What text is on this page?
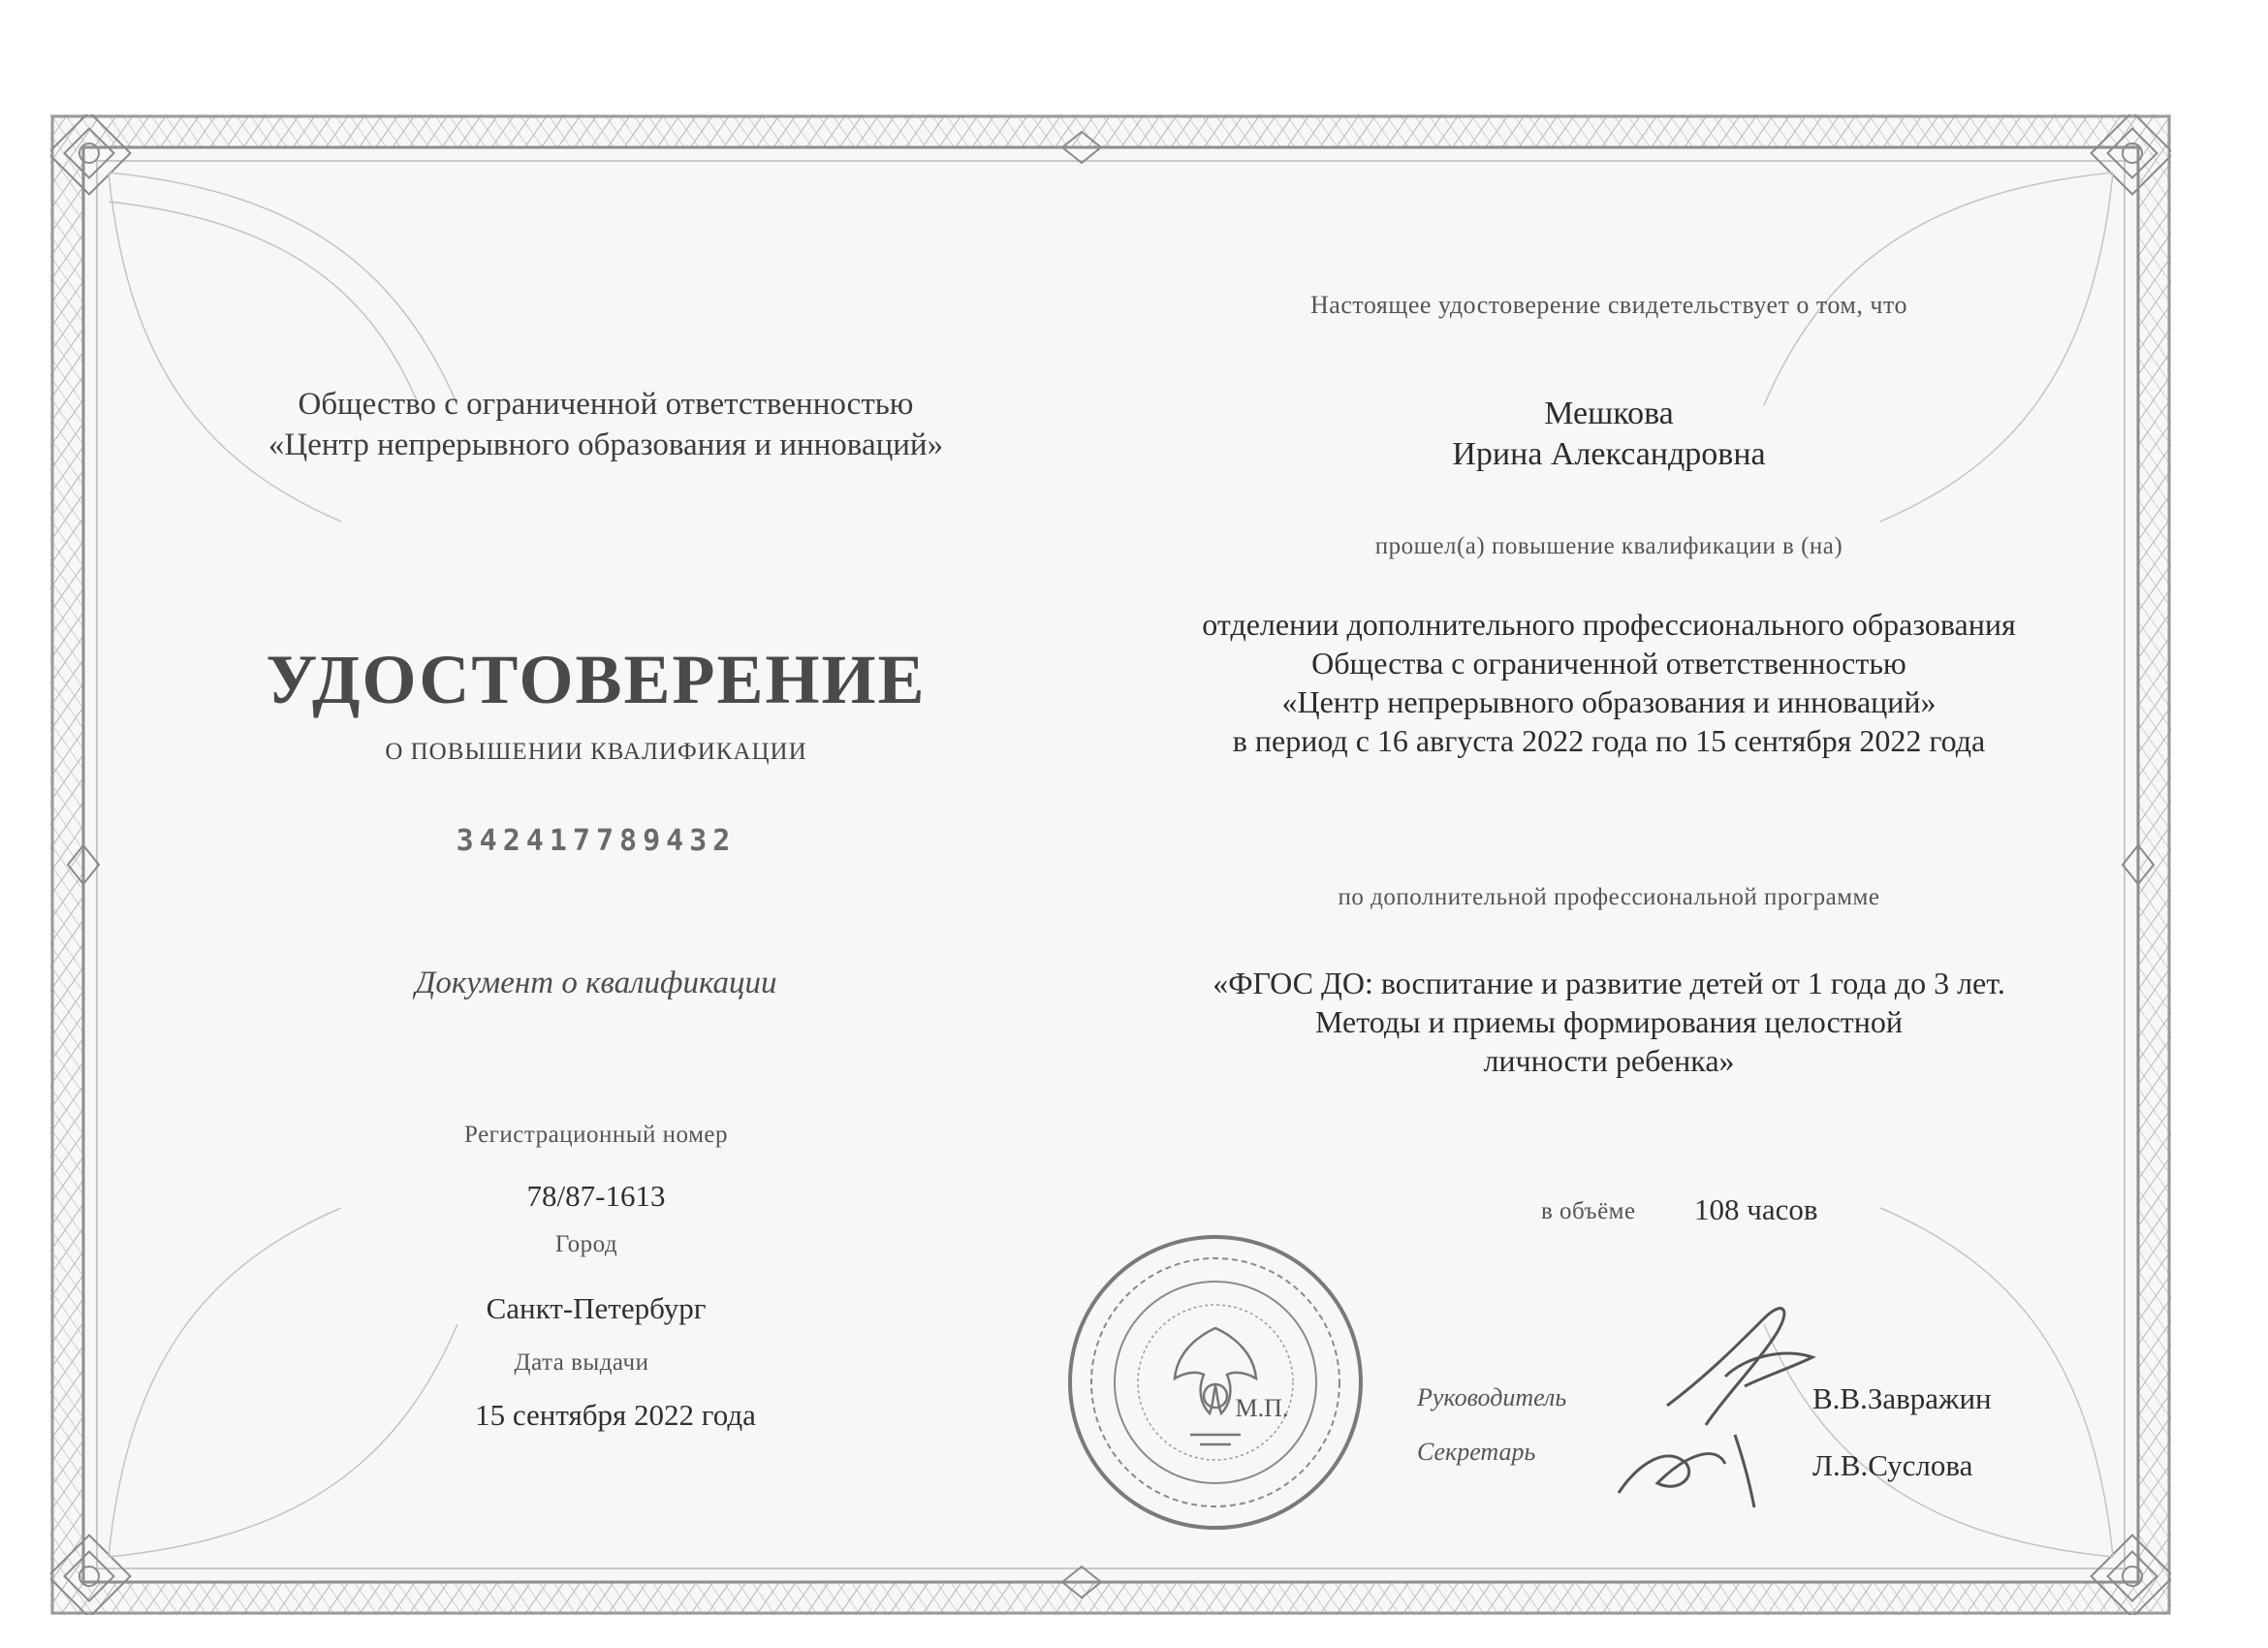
Общество с ограниченной ответственностью
«Центр непрерывного образования и инноваций»
УДОСТОВЕРЕНИЕ
О ПОВЫШЕНИИ КВАЛИФИКАЦИИ
342417789432
Документ о квалификации
Регистрационный номер
78/87-1613
Город
Санкт-Петербург
Дата выдачи
15 сентября 2022 года
Настоящее удостоверение свидетельствует о том, что
Мешкова
Ирина Александровна
прошел(а) повышение квалификации в (на)
отделении дополнительного профессионального образования
Общества с ограниченной ответственностью
«Центр непрерывного образования и инноваций»
в период с 16 августа 2022 года по 15 сентября 2022 года
по дополнительной профессиональной программе
«ФГОС ДО: воспитание и развитие детей от 1 года до 3 лет.
Методы и приемы формирования целостной
личности ребенка»
в объёме	108 часов
М.П.	Руководитель	В.В.Завражин
Секретарь	Л.В.Суслова
